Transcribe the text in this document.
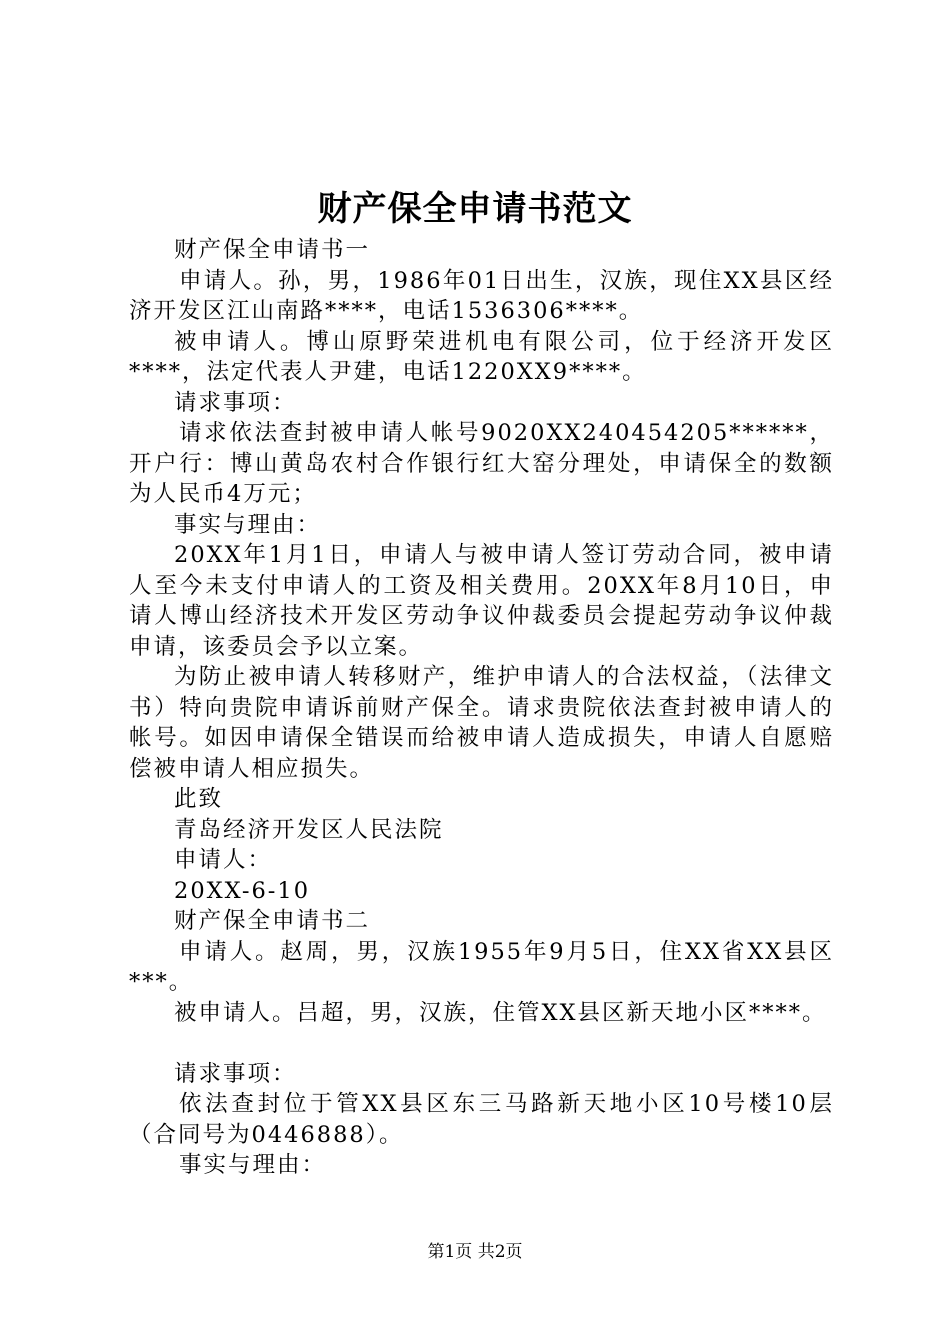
财产保全申请书范文

财产保全申请书一

申请人。孙，男，1986年01日出生，汉族，现住XX县区经济开发区江山南路****，电话1536306****。

被申请人。博山原野荣进机电有限公司，位于经济开发区****，法定代表人尹建，电话1220XX9****。

请求事项：

请求依法查封被申请人帐号9020XX240454205******，开户行：博山黄岛农村合作银行红大窑分理处，申请保全的数额为人民币4万元；

事实与理由：

20XX年1月1日，申请人与被申请人签订劳动合同，被申请人至今未支付申请人的工资及相关费用。20XX年8月10日，申请人博山经济技术开发区劳动争议仲裁委员会提起劳动争议仲裁申请，该委员会予以立案。

为防止被申请人转移财产，维护申请人的合法权益，（法律文书）特向贵院申请诉前财产保全。请求贵院依法查封被申请人的帐号。如因申请保全错误而给被申请人造成损失，申请人自愿赔偿被申请人相应损失。

此致

青岛经济开发区人民法院

申请人：

20XX-6-10

财产保全申请书二

申请人。赵周，男，汉族1955年9月5日，住XX省XX县区***。

被申请人。吕超，男，汉族，住管XX县区新天地小区****。

请求事项：

依法查封位于管XX县区东三马路新天地小区10号楼10层（合同号为0446888）。

事实与理由：

第1页 共2页
